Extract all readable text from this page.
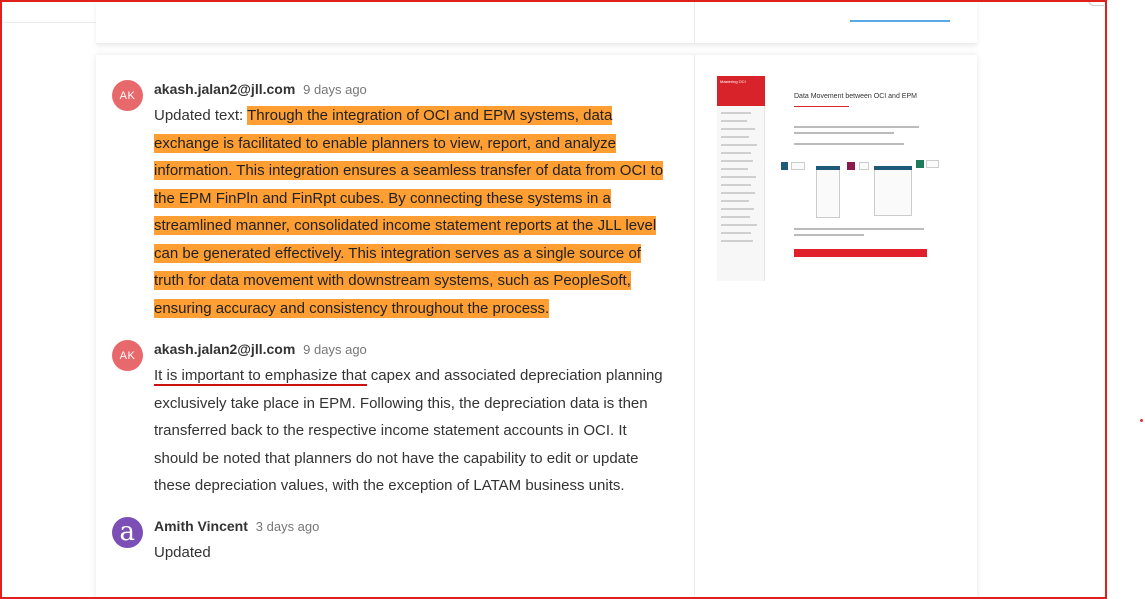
AK	akash.jalan2@jll.com 9 days ago
Updated text: Through the integration of OCI and EPM systems, data exchange is facilitated to enable planners to view, report, and analyze information. This integration ensures a seamless transfer of data from OCI to the EPM FinPln and FinRpt cubes. By connecting these systems in a streamlined manner, consolidated income statement reports at the JLL level can be generated effectively. This integration serves as a single source of truth for data movement with downstream systems, such as PeopleSoft, ensuring accuracy and consistency throughout the process.
AK	akash.jalan2@jll.com 9 days ago
It is important to emphasize that capex and associated depreciation planning exclusively take place in EPM. Following this, the depreciation data is then transferred back to the respective income statement accounts in OCI. It should be noted that planners do not have the capability to edit or update these depreciation values, with the exception of LATAM business units.
a	Amith Vincent 3 days ago
Updated
Mastering OCI
Data Movement between OCI and EPM
